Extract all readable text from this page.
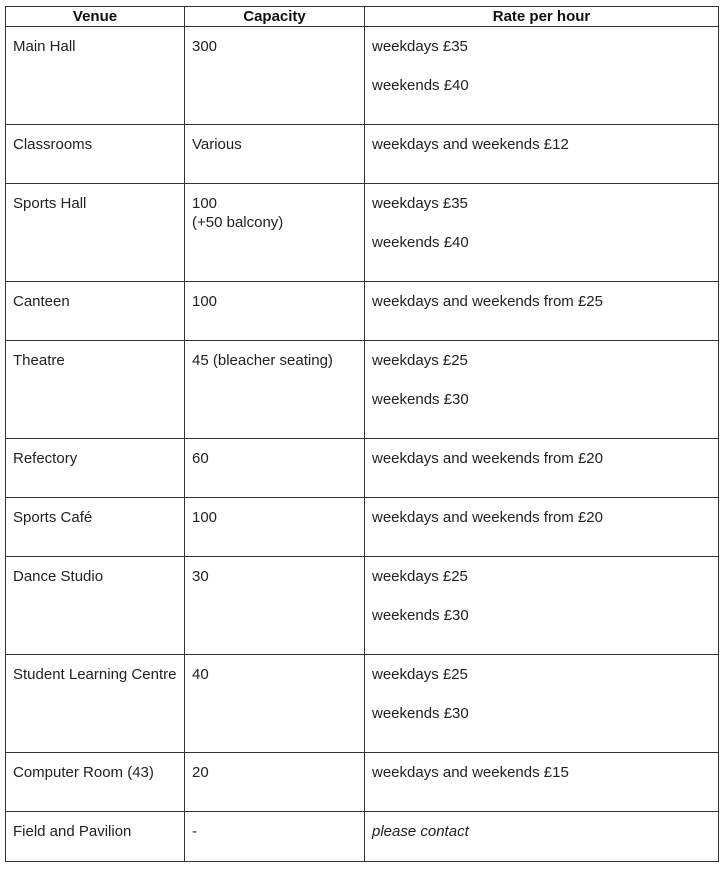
Venue	Capacity	Rate per hour
Main Hall	300	weekdays £35
weekends £40

Classrooms	Various	weekdays and weekends £12

Sports Hall	100
(+50 balcony)	weekdays £35
weekends £40

Canteen	100	weekdays and weekends from £25

Theatre	45 (bleacher seating)	weekdays £25
weekends £30

Refectory	60	weekdays and weekends from £20

Sports Café	100	weekdays and weekends from £20

Dance Studio	30	weekdays £25
weekends £30

Student Learning Centre	40	weekdays £25
weekends £30

Computer Room (43)	20	weekdays and weekends £15

Field and Pavilion	-	please contact
